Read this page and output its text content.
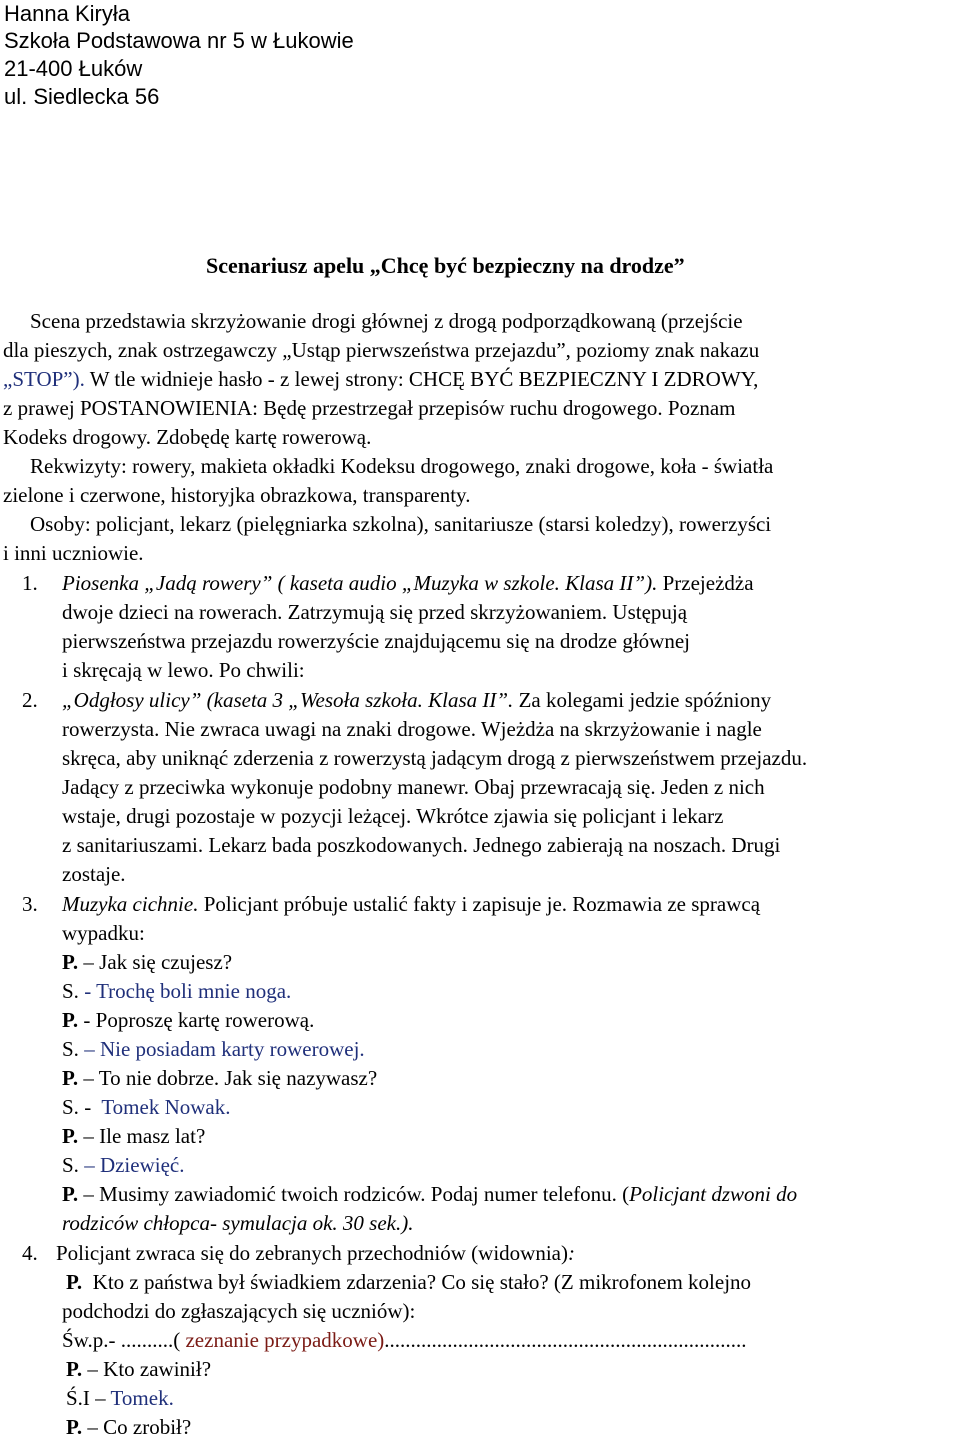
Hanna Kiryła
Szkoła Podstawowa nr 5 w Łukowie
21-400 Łuków
ul. Siedlecka 56
Scenariusz apelu „Chcę być bezpieczny na drodze”
Scena przedstawia skrzyżowanie drogi głównej z drogą podporządkowaną (przejście
dla pieszych, znak ostrzegawczy „Ustąp pierwszeństwa przejazdu”, poziomy znak nakazu
„STOP”). W tle widnieje hasło - z lewej strony: CHCĘ BYĆ BEZPIECZNY I ZDROWY,
z prawej POSTANOWIENIA: Będę przestrzegał przepisów ruchu drogowego. Poznam
Kodeks drogowy. Zdobędę kartę rowerową.
Rekwizyty: rowery, makieta okładki Kodeksu drogowego, znaki drogowe, koła - światła
zielone i czerwone, historyjka obrazkowa, transparenty.
Osoby: policjant, lekarz (pielęgniarka szkolna), sanitariusze (starsi koledzy), rowerzyści
i inni uczniowie.
1. Piosenka „Jadą rowery” ( kaseta audio „Muzyka w szkole. Klasa II”). Przejeżdża
dwoje dzieci na rowerach. Zatrzymują się przed skrzyżowaniem. Ustępują
pierwszeństwa przejazdu rowerzyście znajdującemu się na drodze głównej
i skręcają w lewo. Po chwili:
2. „Odgłosy ulicy” (kaseta 3 „Wesoła szkoła. Klasa II”. Za kolegami jedzie spóźniony
rowerzysta. Nie zwraca uwagi na znaki drogowe. Wjeżdża na skrzyżowanie i nagle
skręca, aby uniknąć zderzenia z rowerzystą jadącym drogą z pierwszeństwem przejazdu.
Jadący z przeciwka wykonuje podobny manewr. Obaj przewracają się. Jeden z nich
wstaje, drugi pozostaje w pozycji leżącej. Wkrótce zjawia się policjant i lekarz
z sanitariuszami. Lekarz bada poszkodowanych. Jednego zabierają na noszach. Drugi
zostaje.
3. Muzyka cichnie. Policjant próbuje ustalić fakty i zapisuje je. Rozmawia ze sprawcą
wypadku:
P. – Jak się czujesz?
S. - Trochę boli mnie noga.
P. - Poproszę kartę rowerową.
S. – Nie posiadam karty rowerowej.
P. – To nie dobrze. Jak się nazywasz?
S. -  Tomek Nowak.
P. – Ile masz lat?
S. – Dziewięć.
P. – Musimy zawiadomić twoich rodziców. Podaj numer telefonu. (Policjant dzwoni do
rodziców chłopca- symulacja ok. 30 sek.).
4. Policjant zwraca się do zebranych przechodniów (widownia):
P. Kto z państwa był świadkiem zdarzenia? Co się stało? (Z mikrofonem kolejno
podchodzi do zgłaszających się uczniów):
Św.p.- ..........( zeznanie przypadkowe).....................................................................
P. – Kto zawinił?
Ś.I – Tomek.
P. – Co zrobił?
